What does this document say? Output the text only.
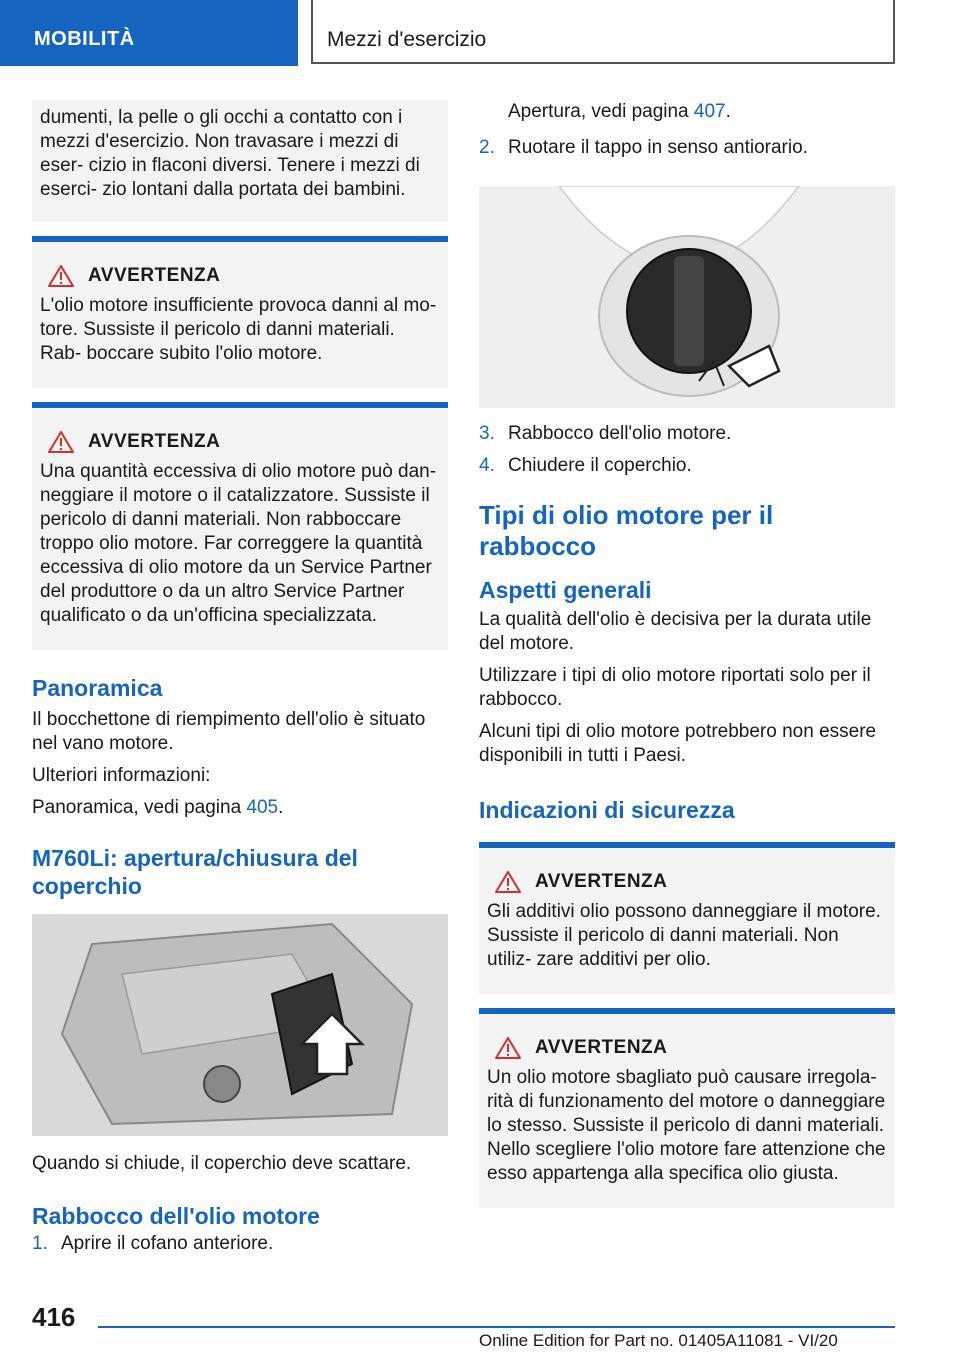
MOBILITÀ	Mezzi d'esercizio

dumenti, la pelle o gli occhi a contatto con i mezzi d'esercizio. Non travasare i mezzi di eser- cizio in flaconi diversi. Tenere i mezzi di eserci- zio lontani dalla portata dei bambini.

AVVERTENZA

L'olio motore insufficiente provoca danni al mo- tore. Sussiste il pericolo di danni materiali. Rab- boccare subito l'olio motore.

AVVERTENZA

Una quantità eccessiva di olio motore può dan- neggiare il motore o il catalizzatore. Sussiste il pericolo di danni materiali. Non rabboccare troppo olio motore. Far correggere la quantità eccessiva di olio motore da un Service Partner del produttore o da un altro Service Partner qualificato o da un'officina specializzata.

Panoramica

Il bocchettone di riempimento dell'olio è situato nel vano motore.

Ulteriori informazioni:

Panoramica, vedi pagina 405.

M760Li: apertura/chiusura del coperchio

Quando si chiude, il coperchio deve scattare.

Rabbocco dell'olio motore
1. Aprire il cofano anteriore.

Apertura, vedi pagina 407.

2. Ruotare il tappo in senso antiorario.
3. Rabbocco dell'olio motore.
4. Chiudere il coperchio.
Tipi di olio motore per il rabbocco
Aspetti generali

La qualità dell'olio è decisiva per la durata utile del motore.

Utilizzare i tipi di olio motore riportati solo per il rabbocco.

Alcuni tipi di olio motore potrebbero non essere disponibili in tutti i Paesi.

Indicazioni di sicurezza
AVVERTENZA

Gli additivi olio possono danneggiare il motore. Sussiste il pericolo di danni materiali. Non utiliz- zare additivi per olio.

AVVERTENZA

Un olio motore sbagliato può causare irregola- rità di funzionamento del motore o danneggiare lo stesso. Sussiste il pericolo di danni materiali. Nello scegliere l'olio motore fare attenzione che esso appartenga alla specifica olio giusta.

416
Online Edition for Part no. 01405A11081 - VI/20
